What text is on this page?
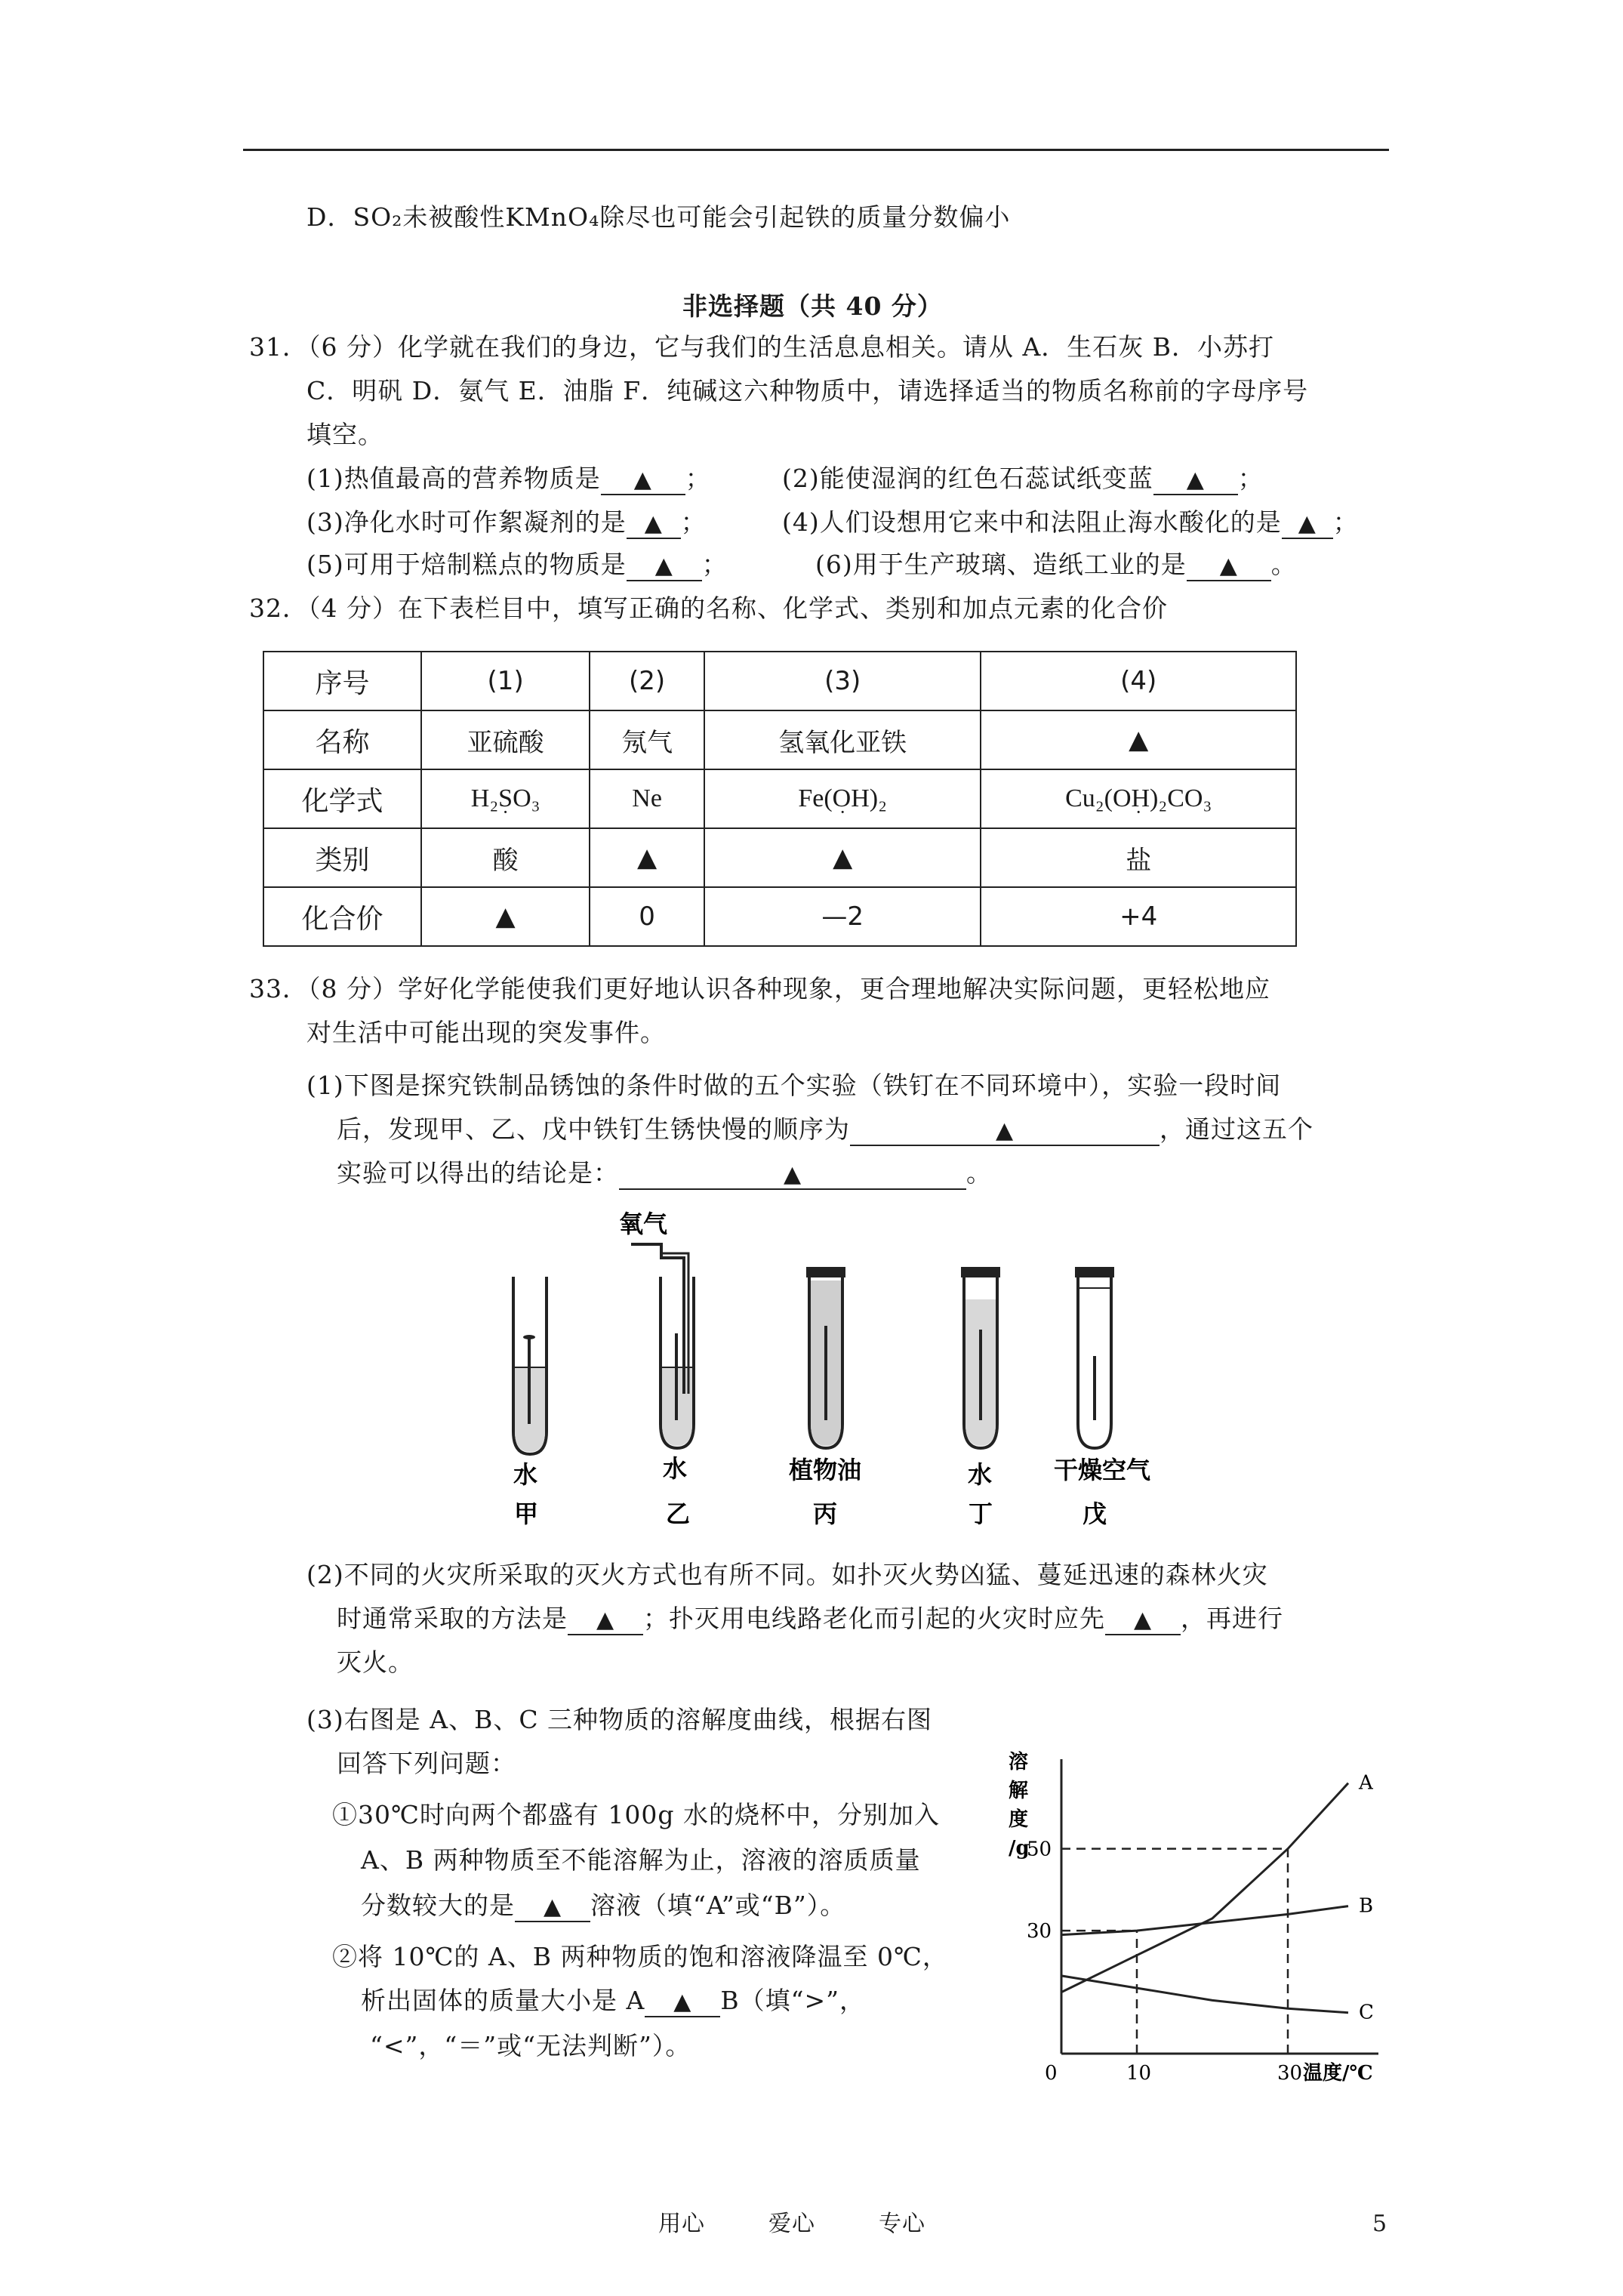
D．SO₂未被酸性KMnO₄除尽也可能会引起铁的质量分数偏小
非选择题（共 40 分）
31．（6 分）化学就在我们的身边，它与我们的生活息息相关。请从 A．生石灰 B．小苏打
C．明矾 D．氨气 E．油脂 F．纯碱这六种物质中，请选择适当的物质名称前的字母序号
填空。
(1)热值最高的营养物质是 ▲ ；	(2)能使湿润的红色石蕊试纸变蓝 ▲ ；
(3)净化水时可作絮凝剂的是 ▲ ；	(4)人们设想用它来中和法阻止海水酸化的是 ▲ ；
(5)可用于焙制糕点的物质是 ▲ ；	(6)用于生产玻璃、造纸工业的是 ▲ 。
32．（4 分）在下表栏目中，填写正确的名称、化学式、类别和加点元素的化合价
序号	(1)	(2)	(3)	(4)
名称	亚硫酸	氖气	氢氧化亚铁	▲
化学式	H₂SO₃ ·	Ne	Fe(OH)₂ ·	Cu₂(OH)₂CO₃ ·
类别	酸	▲	▲	盐
化合价	▲	0	—2	+4
33．（8 分）学好化学能使我们更好地认识各种现象，更合理地解决实际问题，更轻松地应
对生活中可能出现的突发事件。
(1)下图是探究铁制品锈蚀的条件时做的五个实验（铁钉在不同环境中），实验一段时间
后，发现甲、乙、戊中铁钉生锈快慢的顺序为	▲	，通过这五个
实验可以得出的结论是：	▲	。
氧气
水
甲
水
乙
植物油
丙
水
丁
干燥空气
戊
(2)不同的火灾所采取的灭火方式也有所不同。如扑灭火势凶猛、蔓延迅速的森林火灾
时通常采取的方法是 ▲ ；扑灭用电线路老化而引起的火灾时应先 ▲ ，再进行
灭火。
(3)右图是 A、B、C 三种物质的溶解度曲线，根据右图
回答下列问题：
①30℃时向两个都盛有 100g 水的烧杯中，分别加入
A、B 两种物质至不能溶解为止，溶液的溶质质量
分数较大的是 ▲ 溶液（填“A”或“B”）。
②将 10℃的 A、B 两种物质的饱和溶液降温至 0℃，
析出固体的质量大小是 A ▲ B（填“>”，
“<”，“＝”或“无法判断”）。
A
B
C
0	10	30
30
50
温度/℃
溶
解
度
/g
用心	爱心	专心	5
